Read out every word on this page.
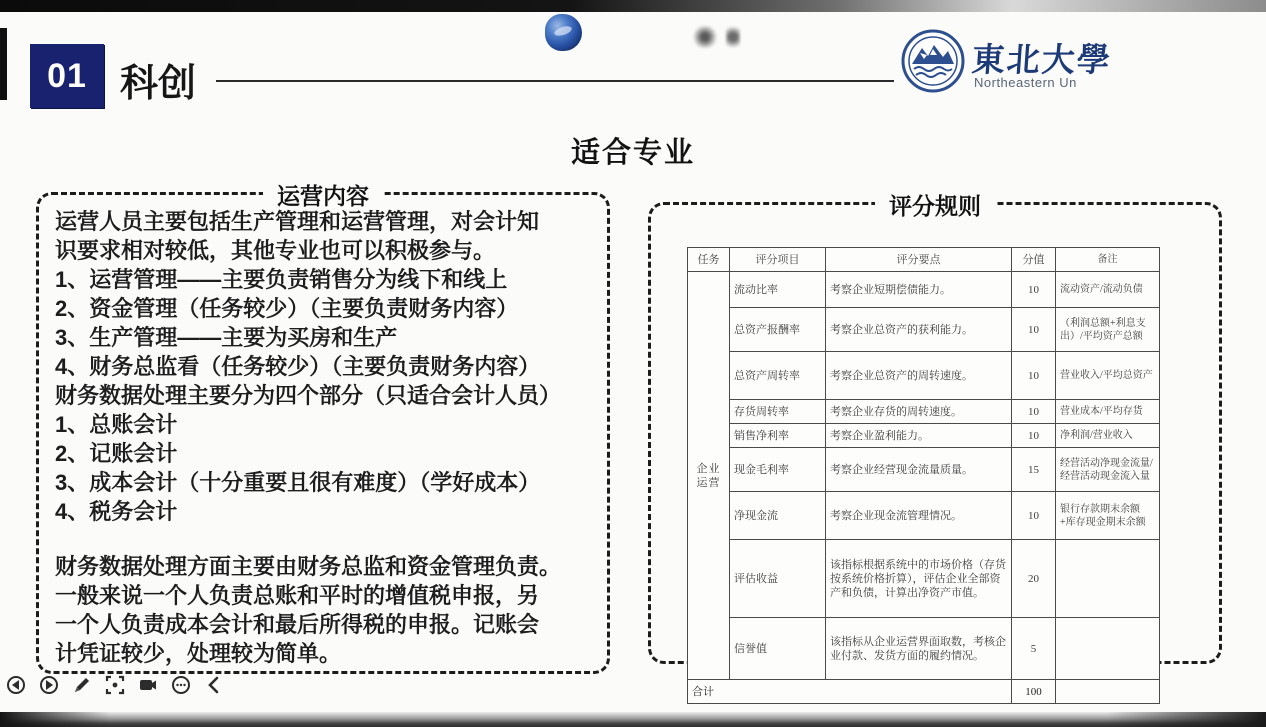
01 科创
東北大學
Northeastern Un
适合专业
运营内容
运营人员主要包括生产管理和运营管理，对会计知
识要求相对较低，其他专业也可以积极参与。
1、运营管理——主要负责销售分为线下和线上
2、资金管理（任务较少）（主要负责财务内容）
3、生产管理——主要为买房和生产
4、财务总监看（任务较少）（主要负责财务内容）
财务数据处理主要分为四个部分（只适合会计人员）
1、总账会计
2、记账会计
3、成本会计（十分重要且很有难度）（学好成本）
4、税务会计
财务数据处理方面主要由财务总监和资金管理负责。
一般来说一个人负责总账和平时的增值税申报，另
一个人负责成本会计和最后所得税的申报。记账会
计凭证较少，处理较为简单。
评分规则
任务	评分项目	评分要点	分值	备注
企业运营	流动比率	考察企业短期偿债能力。	10	流动资产/流动负债
	总资产报酬率	考察企业总资产的获利能力。	10	（利润总额+利息支出）/平均资产总额
	总资产周转率	考察企业总资产的周转速度。	10	营业收入/平均总资产
	存货周转率	考察企业存货的周转速度。	10	营业成本/平均存货
	销售净利率	考察企业盈利能力。	10	净利润/营业收入
	现金毛利率	考察企业经营现金流量质量。	15	经营活动净现金流量/经营活动现金流入量
	净现金流	考察企业现金流管理情况。	10	银行存款期末余额+库存现金期末余额
	评估收益	该指标根据系统中的市场价格（存货按系统价格折算），评估企业全部资产和负债，计算出净资产市值。	20	
	信誉值	该指标从企业运营界面取数，考核企业付款、发货方面的履约情况。	5	
合计			100	
